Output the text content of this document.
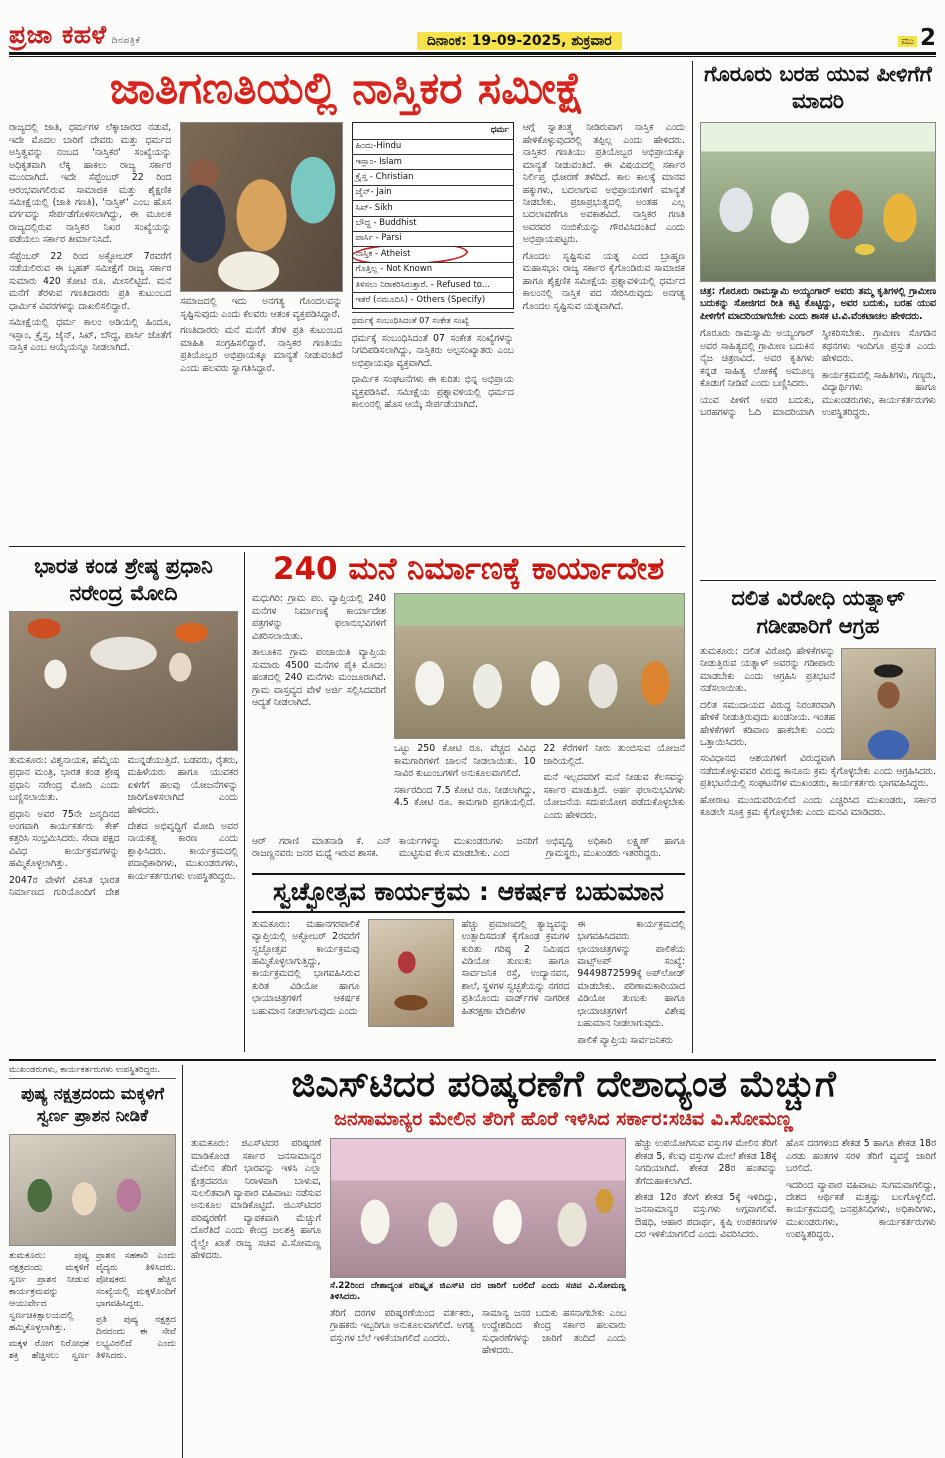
ಪ್ರಜಾ ಕಹಳೆ ದಿನಪತ್ರಿಕೆ	ದಿನಾಂಕ: 19-09-2025, ಶುಕ್ರವಾರ	ಮು 2
ಜಾತಿಗಣತಿಯಲ್ಲಿ ನಾಸ್ತಿಕರ ಸಮೀಕ್ಷೆ

ರಾಜ್ಯದಲ್ಲಿ ಜಾತಿ, ಧರ್ಮಗಳ ಲೆಕ್ಕಾಚಾರದ ನಡುವೆ, ಇದೇ ಮೊದಲ ಬಾರಿಗೆ ದೇವರು ಮತ್ತು ಧರ್ಮದ ಅಸ್ತಿತ್ವವನ್ನು ನಂಬದ 'ನಾಸ್ತಿಕರ' ಸಂಖ್ಯೆಯನ್ನು ಅಧಿಕೃತವಾಗಿ ಲೆಕ್ಕ ಹಾಕಲು ರಾಜ್ಯ ಸರ್ಕಾರ ಮುಂದಾಗಿದೆ. ಇದೇ ಸೆಪ್ಟೆಂಬರ್ 22 ರಿಂದ ಆರಂಭವಾಗಲಿರುವ ಸಾಮಾಜಿಕ ಮತ್ತು ಶೈಕ್ಷಣಿಕ ಸಮೀಕ್ಷೆಯಲ್ಲಿ (ಜಾತಿ ಗಣತಿ), 'ನಾಸ್ತಿಕ್' ಎಂಬ ಹೊಸ ವರ್ಗವನ್ನು ಸೇರ್ಪಡೆಗೊಳಿಸಲಾಗಿದ್ದು, ಈ ಮೂಲಕ ರಾಜ್ಯದಲ್ಲಿರುವ ನಾಸ್ತಿಕರ ನಿಖರ ಸಂಖ್ಯೆಯನ್ನು ಪಡೆಯಲು ಸರ್ಕಾರ ತೀರ್ಮಾನಿಸಿದೆ.

ಸೆಪ್ಟೆಂಬರ್ 22 ರಿಂದ ಅಕ್ಟೋಬರ್ 7ರವರೆಗೆ ನಡೆಯಲಿರುವ ಈ ಬೃಹತ್ ಸಮೀಕ್ಷೆಗೆ ರಾಜ್ಯ ಸರ್ಕಾರ ಸುಮಾರು 420 ಕೋಟಿ ರೂ. ಮೀಸಲಿಟ್ಟಿದೆ. ಮನೆ ಮನೆಗೆ ತೆರಳುವ ಗಣತಿದಾರರು ಪ್ರತಿ ಕುಟುಂಬದ ಧಾರ್ಮಿಕ ವಿವರಗಳನ್ನು ದಾಖಲಿಸಲಿದ್ದಾರೆ.

ಸಮೀಕ್ಷೆಯಲ್ಲಿ ಧರ್ಮ ಕಾಲಂ ಅಡಿಯಲ್ಲಿ ಹಿಂದೂ, ಇಸ್ಲಾಂ, ಕ್ರೈಸ್ತ, ಜೈನ್, ಸಿಖ್, ಬೌದ್ಧ, ಪಾರ್ಸಿ ಜೊತೆಗೆ ನಾಸ್ತಿಕ ಎಂಬ ಆಯ್ಕೆಯನ್ನೂ ನೀಡಲಾಗಿದೆ.

ಸಮಾಜದಲ್ಲಿ ಇದು ಅನಗತ್ಯ ಗೊಂದಲವನ್ನು ಸೃಷ್ಟಿಸುವುದು ಎಂದು ಕೆಲವರು ಆತಂಕ ವ್ಯಕ್ತಪಡಿಸಿದ್ದಾರೆ.

ಗಣತಿದಾರರು ಮನೆ ಮನೆಗೆ ತೆರಳಿ ಪ್ರತಿ ಕುಟುಂಬದ ಮಾಹಿತಿ ಸಂಗ್ರಹಿಸಲಿದ್ದಾರೆ. ನಾಸ್ತಿಕರ ಗಣತಿಯು ಪ್ರತಿಯೊಬ್ಬರ ಅಭಿಪ್ರಾಯಕ್ಕೂ ಮಾನ್ಯತೆ ನೀಡುವಂತಿದೆ ಎಂದು ಹಲವರು ಸ್ವಾಗತಿಸಿದ್ದಾರೆ.

ಧರ್ಮ
ಹಿಂದು-Hindu
ಇಸ್ಲಾಂ- Islam
ಕ್ರೈಸ್ತ - Christian
ಜೈನ್- Jain
ಸಿಖ್- Sikh
ಬೌದ್ಧ - Buddhist
ಪಾರ್ಸಿ - Parsi
ನಾಸ್ತಿಕ - Atheist
ಗೊತ್ತಿಲ್ಲ - Not Known
ತಿಳಿಸಲು ನಿರಾಕರಿಸಿರುತ್ತಾರೆ. - Refused to...
ಇತರೆ (ನಮೂದಿಸಿ) - Others (Specify)
ಧರ್ಮಕ್ಕೆ ಸಂಬಂಧಿಸಿದಂತೆ 07 ಸಂಕೇತ ಸಂಖ್ಯೆ

ಧರ್ಮಕ್ಕೆ ಸಂಬಂಧಿಸಿದಂತೆ 07 ಸಂಕೇತ ಸಂಖ್ಯೆಗಳನ್ನು ನಿಗದಿಪಡಿಸಲಾಗಿದ್ದು, ನಾಸ್ತಿಕರು ಅಲ್ಪಸಂಖ್ಯಾತರು ಎಂಬ ಅಭಿಪ್ರಾಯವೂ ವ್ಯಕ್ತವಾಗಿದೆ.

ಧಾರ್ಮಿಕ ಸಂಘಟನೆಗಳು ಈ ಕುರಿತು ಭಿನ್ನ ಅಭಿಪ್ರಾಯ ವ್ಯಕ್ತಪಡಿಸಿವೆ. ಸಮೀಕ್ಷೆಯ ಪ್ರಶ್ನಾವಳಿಯಲ್ಲಿ ಧರ್ಮದ ಕಾಲಂನಲ್ಲಿ ಹೊಸ ಆಯ್ಕೆ ಸೇರ್ಪಡೆಯಾಗಿದೆ.

ಆಗ್ಗೆ ಸ್ವಾತಂತ್ರ್ಯ ನೀಡಿರುವಾಗ ನಾಸ್ತಿಕ ಎಂದು ಹೇಳಿಕೊಳ್ಳುವುದರಲ್ಲಿ ತಪ್ಪಿಲ್ಲ ಎಂದು ಹೇಳಿದರು. ನಾಸ್ತಿಕರ ಗಣತಿಯು ಪ್ರತಿಯೊಬ್ಬರ ಅಭಿಪ್ರಾಯಕ್ಕೂ ಮಾನ್ಯತೆ ನೀಡುವಂತಿದೆ. ಈ ವಿಷಯದಲ್ಲಿ ಸರ್ಕಾರ ನಿರ್ಲಿಪ್ತ ಧೋರಣೆ ತಳೆದಿದೆ. ಕಾಲ ಕಾಲಕ್ಕೆ ಮಾನವ ಹಕ್ಕುಗಳು, ಬದಲಾಗುವ ಅಭಿಪ್ರಾಯಗಳಿಗೆ ಮಾನ್ಯತೆ ನೀಡಬೇಕು. ಪ್ರಜಾಪ್ರಭುತ್ವದಲ್ಲಿ ಅಂತಹ ಎಲ್ಲ ಬದಲಾವಣೆಗೂ ಅವಕಾಶವಿದೆ. ನಾಸ್ತಿಕರ ಗಣತಿ ಅವರವರ ನಂಬಿಕೆಯನ್ನು ಗೌರವಿಸಿದಂತಿದೆ ಎಂದು ಅಭಿಪ್ರಾಯಪಟ್ಟರು.

ಗೊಂದಲ ಸೃಷ್ಟಿಸುವ ಯತ್ನ ಎಂದ ಬ್ರಾಹ್ಮಣ ಮಹಾಸಭಾ: ರಾಜ್ಯ ಸರ್ಕಾರ ಕೈಗೊಂಡಿರುವ ಸಾಮಾಜಿಕ ಹಾಗೂ ಶೈಕ್ಷಣಿಕ ಸಮೀಕ್ಷೆಯ ಪ್ರಶ್ನಾವಳಿಯಲ್ಲಿ ಧರ್ಮದ ಕಾಲಂನಲ್ಲಿ ನಾಸ್ತಿಕ ಪದ ಸೇರಿಸಿರುವುದು ಅನಗತ್ಯ ಗೊಂದಲ ಸೃಷ್ಟಿಸುವ ಯತ್ನವಾಗಿದೆ.

ಭಾರತ ಕಂಡ ಶ್ರೇಷ್ಠ ಪ್ರಧಾನಿ ನರೇಂದ್ರ ಮೋದಿ

ತುಮಕೂರು: ವಿಶ್ವನಾಯಕ, ಹೆಮ್ಮೆಯ ಪ್ರಧಾನ ಮಂತ್ರಿ, ಭಾರತ ಕಂಡ ಶ್ರೇಷ್ಠ ಪ್ರಧಾನಿ ನರೇಂದ್ರ ಮೋದಿ ಎಂದು ಬಣ್ಣಿಸಲಾಯಿತು.

ಪ್ರಧಾನಿ ಅವರ 75ನೇ ಜನ್ಮದಿನದ ಅಂಗವಾಗಿ ಕಾರ್ಯಕರ್ತರು ಕೇಕ್ ಕತ್ತರಿಸಿ ಸಂಭ್ರಮಿಸಿದರು. ಸೇವಾ ಪಕ್ಷದ ವಿವಿಧ ಕಾರ್ಯಕ್ರಮಗಳನ್ನು ಹಮ್ಮಿಕೊಳ್ಳಲಾಗಿತ್ತು.

2047ರ ವೇಳೆಗೆ ವಿಕಸಿತ ಭಾರತ ನಿರ್ಮಾಣದ ಗುರಿಯೊಂದಿಗೆ ದೇಶ ಮುನ್ನಡೆಯುತ್ತಿದೆ. ಬಡವರು, ರೈತರು, ಮಹಿಳೆಯರು ಹಾಗೂ ಯುವಕರ ಏಳಿಗೆಗೆ ಹಲವು ಯೋಜನೆಗಳನ್ನು ಜಾರಿಗೊಳಿಸಲಾಗಿದೆ ಎಂದು ಹೇಳಿದರು.

ದೇಶದ ಅಭಿವೃದ್ಧಿಗೆ ಮೋದಿ ಅವರ ನಾಯಕತ್ವ ಕಾರಣ ಎಂದು ಶ್ಲಾಘಿಸಿದರು. ಕಾರ್ಯಕ್ರಮದಲ್ಲಿ ಪದಾಧಿಕಾರಿಗಳು, ಮುಖಂಡರುಗಳು, ಕಾರ್ಯಕರ್ತರುಗಳು ಉಪಸ್ಥಿತರಿದ್ದರು.

240 ಮನೆ ನಿರ್ಮಾಣಕ್ಕೆ ಕಾರ್ಯಾದೇಶ

ಮಧುಗಿರಿ: ಗ್ರಾಮ ಪಂ. ವ್ಯಾಪ್ತಿಯಲ್ಲಿ 240 ಮನೆಗಳ ನಿರ್ಮಾಣಕ್ಕೆ ಕಾರ್ಯಾದೇಶ ಪತ್ರಗಳನ್ನು ಫಲಾನುಭವಿಗಳಿಗೆ ವಿತರಿಸಲಾಯಿತು.

ತಾಲೂಕಿನ ಗ್ರಾಮ ಪಂಚಾಯಿತಿ ವ್ಯಾಪ್ತಿಯ ಸುಮಾರು 4500 ಮನೆಗಳ ಪೈಕಿ ಮೊದಲ ಹಂತದಲ್ಲಿ 240 ಮನೆಗಳು ಮಂಜೂರಾಗಿವೆ. ಗ್ರಾಮ ವಾಸ್ತವ್ಯದ ವೇಳೆ ಅರ್ಜಿ ಸಲ್ಲಿಸಿದವರಿಗೆ ಆದ್ಯತೆ ನೀಡಲಾಗಿದೆ.

ಒಟ್ಟು 250 ಕೋಟಿ ರೂ. ವೆಚ್ಚದ ವಿವಿಧ ಕಾಮಗಾರಿಗಳಿಗೆ ಚಾಲನೆ ನೀಡಲಾಯಿತು. 10 ಸಾವಿರ ಕುಟುಂಬಗಳಿಗೆ ಅನುಕೂಲವಾಗಲಿದೆ.

ಸರ್ಕಾರದಿಂದ 7.5 ಕೋಟಿ ರೂ. ನೀಡಲಾಗಿದ್ದು, 4.5 ಕೋಟಿ ರೂ. ಕಾಮಗಾರಿ ಪ್ರಗತಿಯಲ್ಲಿದೆ. 22 ಕೆರೆಗಳಿಗೆ ನೀರು ತುಂಬಿಸುವ ಯೋಜನೆ ಜಾರಿಯಲ್ಲಿದೆ.

ಮನೆ ಇಲ್ಲದವರಿಗೆ ಮನೆ ನೀಡುವ ಕೆಲಸವನ್ನು ಸರ್ಕಾರ ಮಾಡುತ್ತಿದೆ. ಅರ್ಹ ಫಲಾನುಭವಿಗಳು ಯೋಜನೆಯ ಸದುಪಯೋಗ ಪಡೆದುಕೊಳ್ಳಬೇಕು ಎಂದು ಹೇಳಿದರು.

ಆರ್ ಗರಾಣಿ ಮಾತನಾಡಿ ಕೆ. ಎನ್ ರಾಜಣ್ಣನವರು ಜನರ ಮಧ್ಯೆ ಇರುವ ಶಾಸಕ.
ಕಾರ್ಯಗಳನ್ನು ಮುಖಂಡರುಗಳು ಜನರಿಗೆ ಮುಟ್ಟಿಸುವ ಕೆಲಸ ಮಾಡಬೇಕು. ಎಂದ
ಅಭಿವೃದ್ಧಿ ಅಧಿಕಾರಿ ಲಕ್ಷ್ಮಣ್ ಹಾಗೂ ಗ್ರಾಮಸ್ಥರು, ಮುಖಂಡರು ಇತರರಿದ್ದರು.
ಸ್ವಚ್ಛೋತ್ಸವ ಕಾರ್ಯಕ್ರಮ : ಆಕರ್ಷಕ ಬಹುಮಾನ

ತುಮಕೂರು: ಮಹಾನಗರಪಾಲಿಕೆ ವ್ಯಾಪ್ತಿಯಲ್ಲಿ ಅಕ್ಟೋಬರ್ 2ರವರೆಗೆ ಸ್ವಚ್ಛೋತ್ಸವ ಕಾರ್ಯಕ್ರಮವು ಹಮ್ಮಿಕೊಳ್ಳಲಾಗುತ್ತಿದ್ದು, ಕಾರ್ಯಕ್ರಮದಲ್ಲಿ ಭಾಗವಹಿಸಿರುವ ಕುರಿತ ವಿಡಿಯೋ ಹಾಗೂ ಛಾಯಾಚಿತ್ರಗಳಿಗೆ ಆಕರ್ಷಕ ಬಹುಮಾನ ನೀಡಲಾಗುವುದು ಎಂದು

ಹೆಚ್ಚು ಪ್ರಮಾಣದಲ್ಲಿ ತ್ಯಾಜ್ಯವನ್ನು ಉತ್ಪಾದಿಸದಂತೆ ಕೈಗೊಂಡ ಕ್ರಮಗಳ ಕುರಿತು ಗರಿಷ್ಠ 2 ನಿಮಿಷದ ವಿಡಿಯೋ ತುಣುಕು ಹಾಗೂ ಸಾರ್ವಜನಿಕ ರಸ್ತೆ, ಉದ್ಯಾನವನ, ಶಾಲೆ, ಸ್ಥಳಗಳ ಸ್ವಚ್ಛತೆಯನ್ನು ನಗರದ ಪ್ರತಿಯೊಂದು ವಾರ್ಡ್‌ಗಳ ನಾಗರೀಕ ಹಿತರಕ್ಷಣಾ ವೇದಿಕೆಗಳ

ಈ ಕಾರ್ಯಕ್ರಮದಲ್ಲಿ ಭಾಗವಹಿಸಿದವರು ಛಾಯಾಚಿತ್ರಗಳನ್ನು ಪಾಲಿಕೆಯ ವಾಟ್ಸ್‌ಅಪ್ ಸಂಖ್ಯೆ: 9449872599ಕ್ಕೆ ಅಪ್‌ಲೋಡ್ ಮಾಡಬೇಕು. ಪರಿಣಾಮಕಾರಿಯಾದ ವಿಡಿಯೋ ತುಣುಕು ಹಾಗೂ ಛಾಯಾಚಿತ್ರಗಳಿಗೆ ವಿಶೇಷ ಬಹುಮಾನ ನೀಡಲಾಗುವುದು.

ಪಾಲಿಕೆ ವ್ಯಾಪ್ತಿಯ ಸಾರ್ವಜನಿಕರು

ಗೊರೂರು ಬರಹ ಯುವ ಪೀಳಿಗೆಗೆ ಮಾದರಿ
ಚಿತ್ರ: ಗೊರೂರು ರಾಮಸ್ವಾಮಿ ಅಯ್ಯಂಗಾರ್ ಅವರು ತಮ್ಮ ಕೃತಿಗಳಲ್ಲಿ ಗ್ರಾಮೀಣ ಬದುಕನ್ನು ಸೋಜಿಗದ ರೀತಿ ಕಟ್ಟಿ ಕೊಟ್ಟಿದ್ದು, ಅವರ ಬದುಕು, ಬರಹ ಯುವ ಪೀಳಿಗೆಗೆ ಮಾದರಿಯಾಗಬೇಕು ಎಂದು ಶಾಸಕ ಟಿ.ವಿ.ವೆಂಕಟಾಚಲ ಹೇಳಿದರು.

ಗೊರೂರು ರಾಮಸ್ವಾಮಿ ಅಯ್ಯಂಗಾರ್ ಅವರ ಸಾಹಿತ್ಯದಲ್ಲಿ ಗ್ರಾಮೀಣ ಬದುಕಿನ ನೈಜ ಚಿತ್ರಣವಿದೆ. ಅವರ ಕೃತಿಗಳು ಕನ್ನಡ ಸಾಹಿತ್ಯ ಲೋಕಕ್ಕೆ ಅಮೂಲ್ಯ ಕೊಡುಗೆ ನೀಡಿವೆ ಎಂದು ಬಣ್ಣಿಸಿದರು.

ಯುವ ಪೀಳಿಗೆ ಅವರ ಬದುಕು, ಬರಹಗಳನ್ನು ಓದಿ ಮಾದರಿಯಾಗಿ ಸ್ವೀಕರಿಸಬೇಕು. ಗ್ರಾಮೀಣ ಸೊಗಡಿನ ಕಥನಗಳು ಇಂದಿಗೂ ಪ್ರಸ್ತುತ ಎಂದು ಹೇಳಿದರು.

ಕಾರ್ಯಕ್ರಮದಲ್ಲಿ ಸಾಹಿತಿಗಳು, ಗಣ್ಯರು, ವಿದ್ಯಾರ್ಥಿಗಳು ಹಾಗೂ ಮುಖಂಡರುಗಳು, ಕಾರ್ಯಕರ್ತರುಗಳು ಉಪಸ್ಥಿತರಿದ್ದರು.

ದಲಿತ ವಿರೋಧಿ ಯತ್ನಾಳ್ ಗಡೀಪಾರಿಗೆ ಆಗ್ರಹ

ತುಮಕೂರು: ದಲಿತ ವಿರೋಧಿ ಹೇಳಿಕೆಗಳನ್ನು ನೀಡುತ್ತಿರುವ ಯತ್ನಾಳ್ ಅವರನ್ನು ಗಡೀಪಾರು ಮಾಡಬೇಕು ಎಂದು ಆಗ್ರಹಿಸಿ ಪ್ರತಿಭಟನೆ ನಡೆಸಲಾಯಿತು.

ದಲಿತ ಸಮುದಾಯದ ವಿರುದ್ಧ ನಿರಂತರವಾಗಿ ಹೇಳಿಕೆ ನೀಡುತ್ತಿರುವುದು ಖಂಡನೀಯ. ಇಂತಹ ಹೇಳಿಕೆಗಳಿಗೆ ಕಡಿವಾಣ ಹಾಕಬೇಕು ಎಂದು ಒತ್ತಾಯಿಸಿದರು.

ಸಂವಿಧಾನದ ಆಶಯಗಳಿಗೆ ವಿರುದ್ಧವಾಗಿ ನಡೆದುಕೊಳ್ಳುವವರ ವಿರುದ್ಧ ಕಾನೂನು ಕ್ರಮ ಕೈಗೊಳ್ಳಬೇಕು ಎಂದು ಆಗ್ರಹಿಸಿದರು. ಪ್ರತಿಭಟನೆಯಲ್ಲಿ ಸಂಘಟನೆಗಳ ಮುಖಂಡರು, ಕಾರ್ಯಕರ್ತರು ಭಾಗವಹಿಸಿದ್ದರು.

ಹೋರಾಟ ಮುಂದುವರಿಯಲಿದೆ ಎಂದು ಎಚ್ಚರಿಸಿದ ಮುಖಂಡರು, ಸರ್ಕಾರ ಕೂಡಲೇ ಸೂಕ್ತ ಕ್ರಮ ಕೈಗೊಳ್ಳಬೇಕು ಎಂದು ಮನವಿ ಮಾಡಿದರು.

ಮುಖಂಡರುಗಳು, ಕಾರ್ಯಕರ್ತರುಗಳು ಉಪಸ್ಥಿತರಿದ್ದರು.
ಪುಷ್ಯ ನಕ್ಷತ್ರದಂದು ಮಕ್ಕಳಿಗೆ ಸ್ವರ್ಣ ಪ್ರಾಶನ ನೀಡಿಕೆ

ತುಮಕೂರು: ಪುಷ್ಯ ನಕ್ಷತ್ರದಂದು ಮಕ್ಕಳಿಗೆ ಸ್ವರ್ಣ ಪ್ರಾಶನ ನೀಡುವ ಕಾರ್ಯಕ್ರಮವನ್ನು ಆಯುರ್ವೇದ ಸ್ವರ್ಣಚಿಕಿತ್ಸಾಲಯದಲ್ಲಿ ಹಮ್ಮಿಕೊಳ್ಳಲಾಗಿತ್ತು.

ಮಕ್ಕಳ ರೋಗ ನಿರೋಧಕ ಶಕ್ತಿ ಹೆಚ್ಚಿಸಲು ಸ್ವರ್ಣ ಪ್ರಾಶನ ಸಹಕಾರಿ ಎಂದು ವೈದ್ಯರು ತಿಳಿಸಿದರು. ಪೋಷಕರು ಹೆಚ್ಚಿನ ಸಂಖ್ಯೆಯಲ್ಲಿ ಮಕ್ಕಳೊಂದಿಗೆ ಭಾಗವಹಿಸಿದ್ದರು.

ಪ್ರತಿ ಪುಷ್ಯ ನಕ್ಷತ್ರದ ದಿನದಂದು ಈ ಸೇವೆ ಲಭ್ಯವಿರಲಿದೆ ಎಂದು ತಿಳಿಸಿದರು.

ಜಿಎಸ್‌ಟಿದರ ಪರಿಷ್ಕರಣೆಗೆ ದೇಶಾದ್ಯಂತ ಮೆಚ್ಚುಗೆ
ಜನಸಾಮಾನ್ಯರ ಮೇಲಿನ ತೆರಿಗೆ ಹೊರೆ ಇಳಿಸಿದ ಸರ್ಕಾರ:ಸಚಿವ ವಿ.ಸೋಮಣ್ಣ

ತುಮಕೂರು: ಜಿಎಸ್‌ಟಿದರ ಪರಿಷ್ಕರಣೆ ಮಾಡಿಕೊಂಡ ಸರ್ಕಾರ ಜನಸಾಮಾನ್ಯರ ಮೇಲಿನ ತೆರಿಗೆ ಭಾರವನ್ನು ಇಳಿಸಿ ಎಲ್ಲಾ ಕ್ಷೇತ್ರದವರೂ ನಿರಾಳವಾಗಿ ಬಾಳುವ, ಸುಲಲಿತವಾಗಿ ವ್ಯಾಪಾರ ವಹಿವಾಟು ನಡೆಸುವ ಅನುಕೂಲ ಮಾಡಿಕೊಟ್ಟಿದೆ. ಜಿಎಸ್‌ಟಿದರ ಪರಿಷ್ಕರಣೆಗೆ ವ್ಯಾಪಕವಾಗಿ ಮೆಚ್ಚುಗೆ ದೊರೆತಿದೆ ಎಂದು ಕೇಂದ್ರ ಜಲಶಕ್ತಿ ಹಾಗೂ ರೈಲ್ವೇ ಖಾತೆ ರಾಜ್ಯ ಸಚಿವ ವಿ.ಸೋಮಣ್ಣ ಹೇಳಿದರು.

ಸೆ.22ರಿಂದ ದೇಶಾದ್ಯಂತ ಪರಿಷ್ಕೃತ ಜಿಎಸ್‌ಟಿ ದರ ಜಾರಿಗೆ ಬರಲಿದೆ ಎಂದು ಸಚಿವ ವಿ.ಸೋಮಣ್ಣ ತಿಳಿಸಿದರು.

ತೆರಿಗೆ ದರಗಳ ಪರಿಷ್ಕರಣೆಯಿಂದ ವರ್ತಕರು, ಗ್ರಾಹಕರು ಇಬ್ಬರಿಗೂ ಅನುಕೂಲವಾಗಲಿದೆ. ಅಗತ್ಯ ವಸ್ತುಗಳ ಬೆಲೆ ಇಳಿಕೆಯಾಗಲಿದೆ ಎಂದರು.

ಸಾಮಾನ್ಯ ಜನರ ಬದುಕು ಹಸನಾಗಬೇಕು ಎಂಬ ಉದ್ದೇಶದಿಂದ ಕೇಂದ್ರ ಸರ್ಕಾರ ಹಲವಾರು ಸುಧಾರಣೆಗಳನ್ನು ಜಾರಿಗೆ ತಂದಿದೆ ಎಂದು ಹೇಳಿದರು.

ಹೆಚ್ಚು ಉಪಯೋಗಿಸುವ ವಸ್ತುಗಳ ಮೇಲಿನ ತೆರಿಗೆ ಶೇಕಡ 5, ಕೆಲವು ವಸ್ತುಗಳ ಮೇಲೆ ಶೇಕಡ 18ಕ್ಕೆ ನಿಗದಿಯಾಗಿದೆ. ಶೇಕಡ 28ರ ಹಂತವನ್ನು ತೆಗೆದುಹಾಕಲಾಗಿದೆ.

ಶೇಕಡ 12ರ ತೆರಿಗೆ ಶೇಕಡ 5ಕ್ಕೆ ಇಳಿದಿದ್ದು, ಜನಸಾಮಾನ್ಯರ ವಸ್ತುಗಳು ಅಗ್ಗವಾಗಲಿವೆ. ಔಷಧಿ, ಆಹಾರ ಪದಾರ್ಥ, ಕೃಷಿ ಉಪಕರಣಗಳ ದರ ಇಳಿಕೆಯಾಗಲಿದೆ ಎಂದು ವಿವರಿಸಿದರು.

ಹೊಸ ದರಗಳಿಂದ ಶೇಕಡ 5 ಹಾಗೂ ಶೇಕಡ 18ರ ಎರಡು ಹಂತಗಳ ಸರಳ ತೆರಿಗೆ ವ್ಯವಸ್ಥೆ ಜಾರಿಗೆ ಬರಲಿದೆ.

ಇದರಿಂದ ವ್ಯಾಪಾರ ವಹಿವಾಟು ಸುಗಮವಾಗಲಿದ್ದು, ದೇಶದ ಆರ್ಥಿಕತೆ ಮತ್ತಷ್ಟು ಬಲಗೊಳ್ಳಲಿದೆ. ಕಾರ್ಯಕ್ರಮದಲ್ಲಿ ಜನಪ್ರತಿನಿಧಿಗಳು, ಅಧಿಕಾರಿಗಳು, ಮುಖಂಡರುಗಳು, ಕಾರ್ಯಕರ್ತರುಗಳು ಉಪಸ್ಥಿತರಿದ್ದರು.
